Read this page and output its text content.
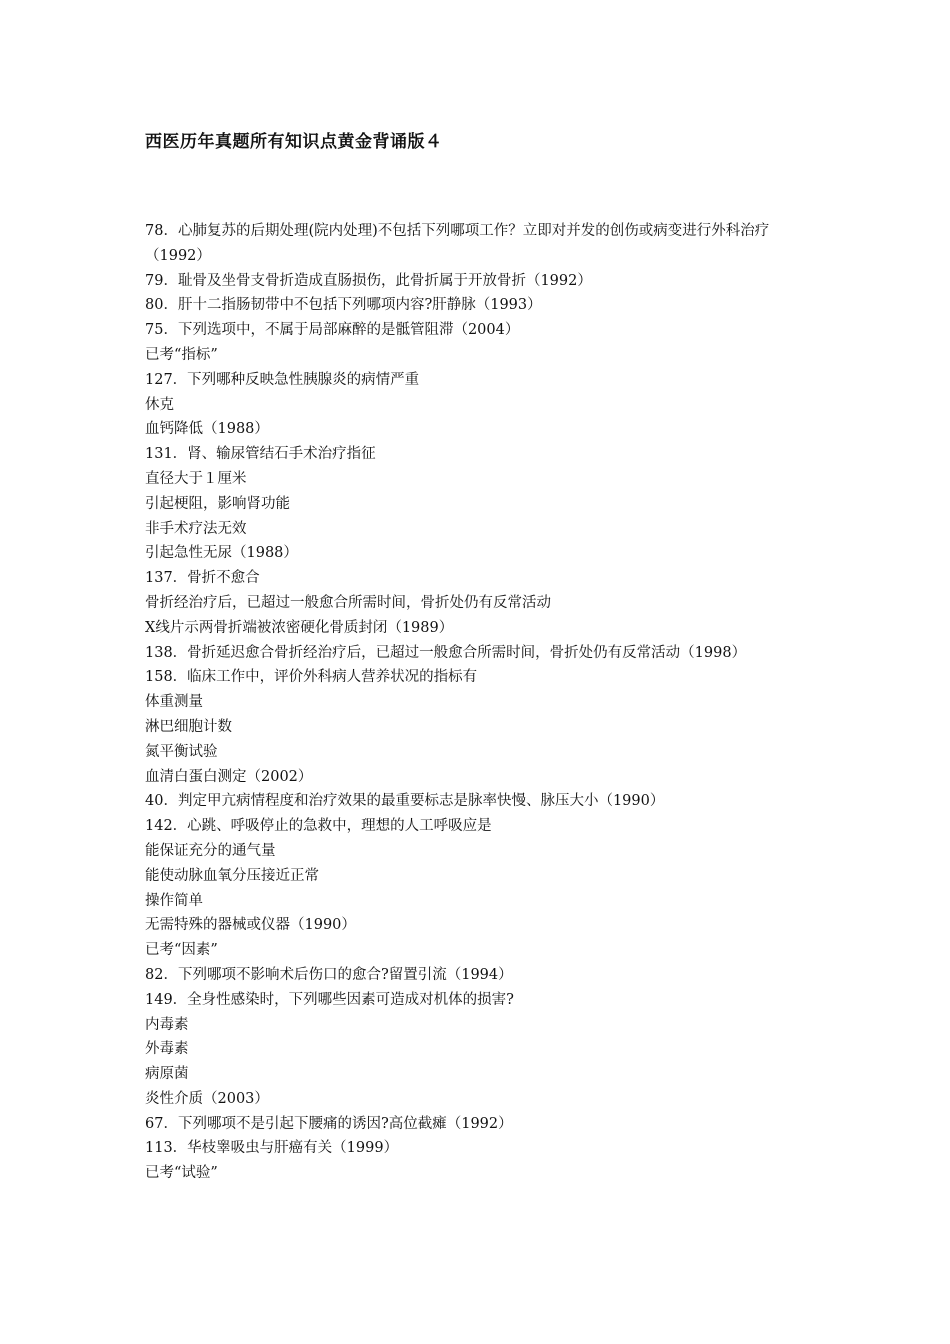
西医历年真题所有知识点黄金背诵版４
78．心肺复苏的后期处理(院内处理)不包括下列哪项工作？立即对并发的创伤或病变进行外科治疗（1992）
79．耻骨及坐骨支骨折造成直肠损伤，此骨折属于开放骨折（1992）
80．肝十二指肠韧带中不包括下列哪项内容?肝静脉（1993）
75．下列选项中，不属于局部麻醉的是骶管阻滞（2004）
已考“指标”
127．下列哪种反映急性胰腺炎的病情严重
休克
血钙降低（1988）
131．肾、输尿管结石手术治疗指征
直径大于１厘米
引起梗阻，影响肾功能
非手术疗法无效
引起急性无尿（1988）
137．骨折不愈合
骨折经治疗后，已超过一般愈合所需时间，骨折处仍有反常活动
X线片示两骨折端被浓密硬化骨质封闭（1989）
138．骨折延迟愈合骨折经治疗后，已超过一般愈合所需时间，骨折处仍有反常活动（1998）
158．临床工作中，评价外科病人营养状况的指标有
体重测量
淋巴细胞计数
氮平衡试验
血清白蛋白测定（2002）
40．判定甲亢病情程度和治疗效果的最重要标志是脉率快慢、脉压大小（1990）
142．心跳、呼吸停止的急救中，理想的人工呼吸应是
能保证充分的通气量
能使动脉血氧分压接近正常
操作简单
无需特殊的器械或仪器（1990）
已考“因素”
82．下列哪项不影响术后伤口的愈合?留置引流（1994）
149．全身性感染时，下列哪些因素可造成对机体的损害?
内毒素
外毒素
病原菌
炎性介质（2003）
67．下列哪项不是引起下腰痛的诱因?高位截瘫（1992）
113．华枝睾吸虫与肝癌有关（1999）
已考“试验”
